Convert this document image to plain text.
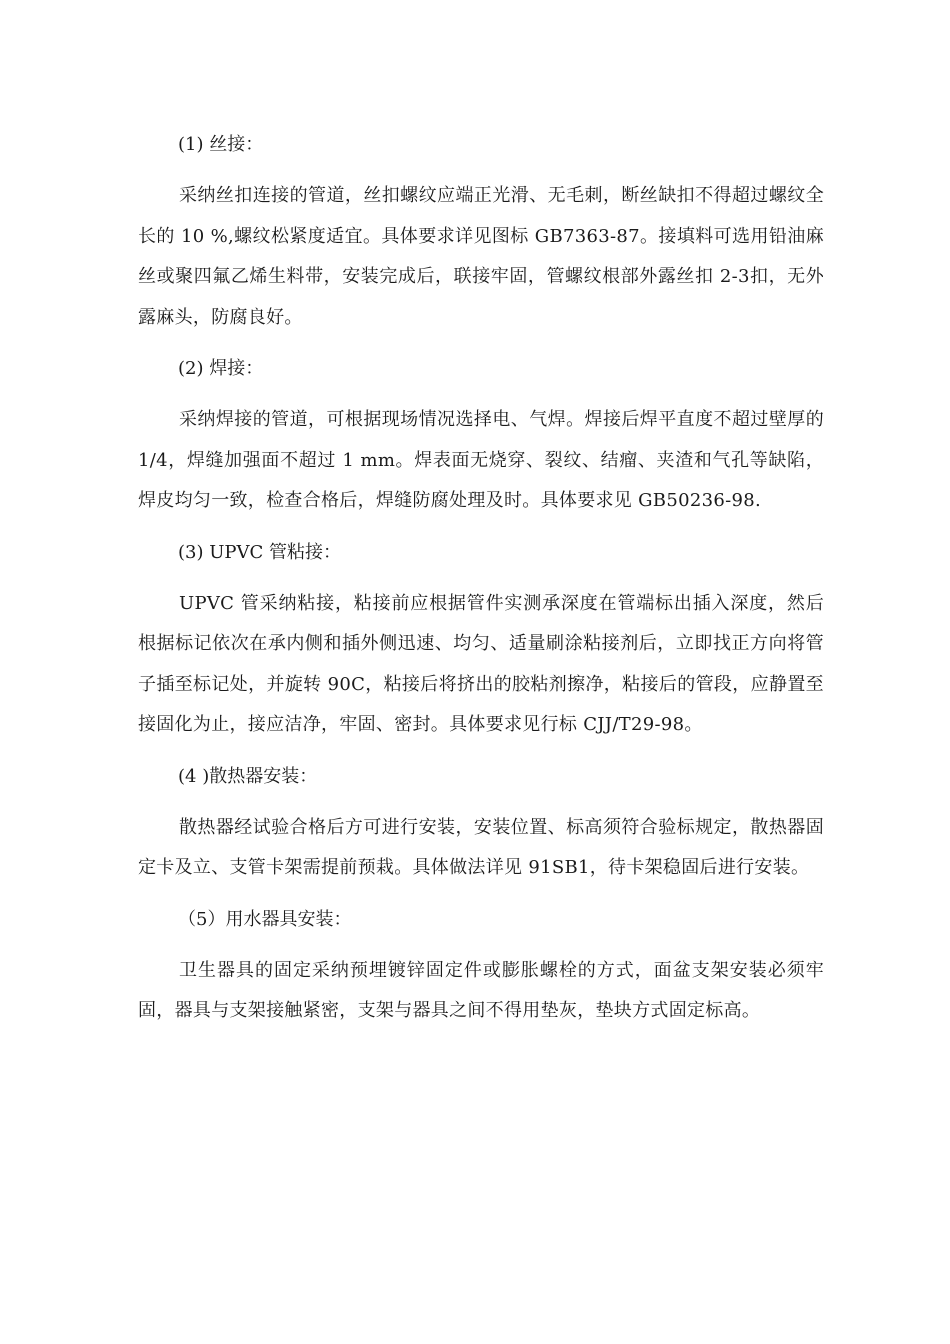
(1) 丝接：

采纳丝扣连接的管道，丝扣螺纹应端正光滑、无毛刺，断丝缺扣不得超过螺纹全长的 10 %,螺纹松紧度适宜。具体要求详见图标 GB7363-87。接填料可选用铅油麻丝或聚四氟乙烯生料带，安装完成后，联接牢固，管螺纹根部外露丝扣 2-3扣，无外露麻头，防腐良好。

(2) 焊接：

采纳焊接的管道，可根据现场情况选择电、气焊。焊接后焊平直度不超过壁厚的 1/4，焊缝加强面不超过 1 mm。焊表面无烧穿、裂纹、结瘤、夹渣和气孔等缺陷，焊皮均匀一致，检查合格后，焊缝防腐处理及时。具体要求见 GB50236-98.

(3) UPVC 管粘接：

UPVC 管采纳粘接，粘接前应根据管件实测承深度在管端标出插入深度，然后根据标记依次在承内侧和插外侧迅速、均匀、适量刷涂粘接剂后，立即找正方向将管子插至标记处，并旋转 90C，粘接后将挤出的胶粘剂擦净，粘接后的管段，应静置至接固化为止，接应洁净，牢固、密封。具体要求见行标 CJJ/T29-98。

(4 )散热器安装：

散热器经试验合格后方可进行安装，安装位置、标高须符合验标规定，散热器固定卡及立、支管卡架需提前预栽。具体做法详见 91SB1，待卡架稳固后进行安装。

（5）用水器具安装：

卫生器具的固定采纳预埋镀锌固定件或膨胀螺栓的方式，面盆支架安装必须牢固，器具与支架接触紧密，支架与器具之间不得用垫灰，垫块方式固定标高。
